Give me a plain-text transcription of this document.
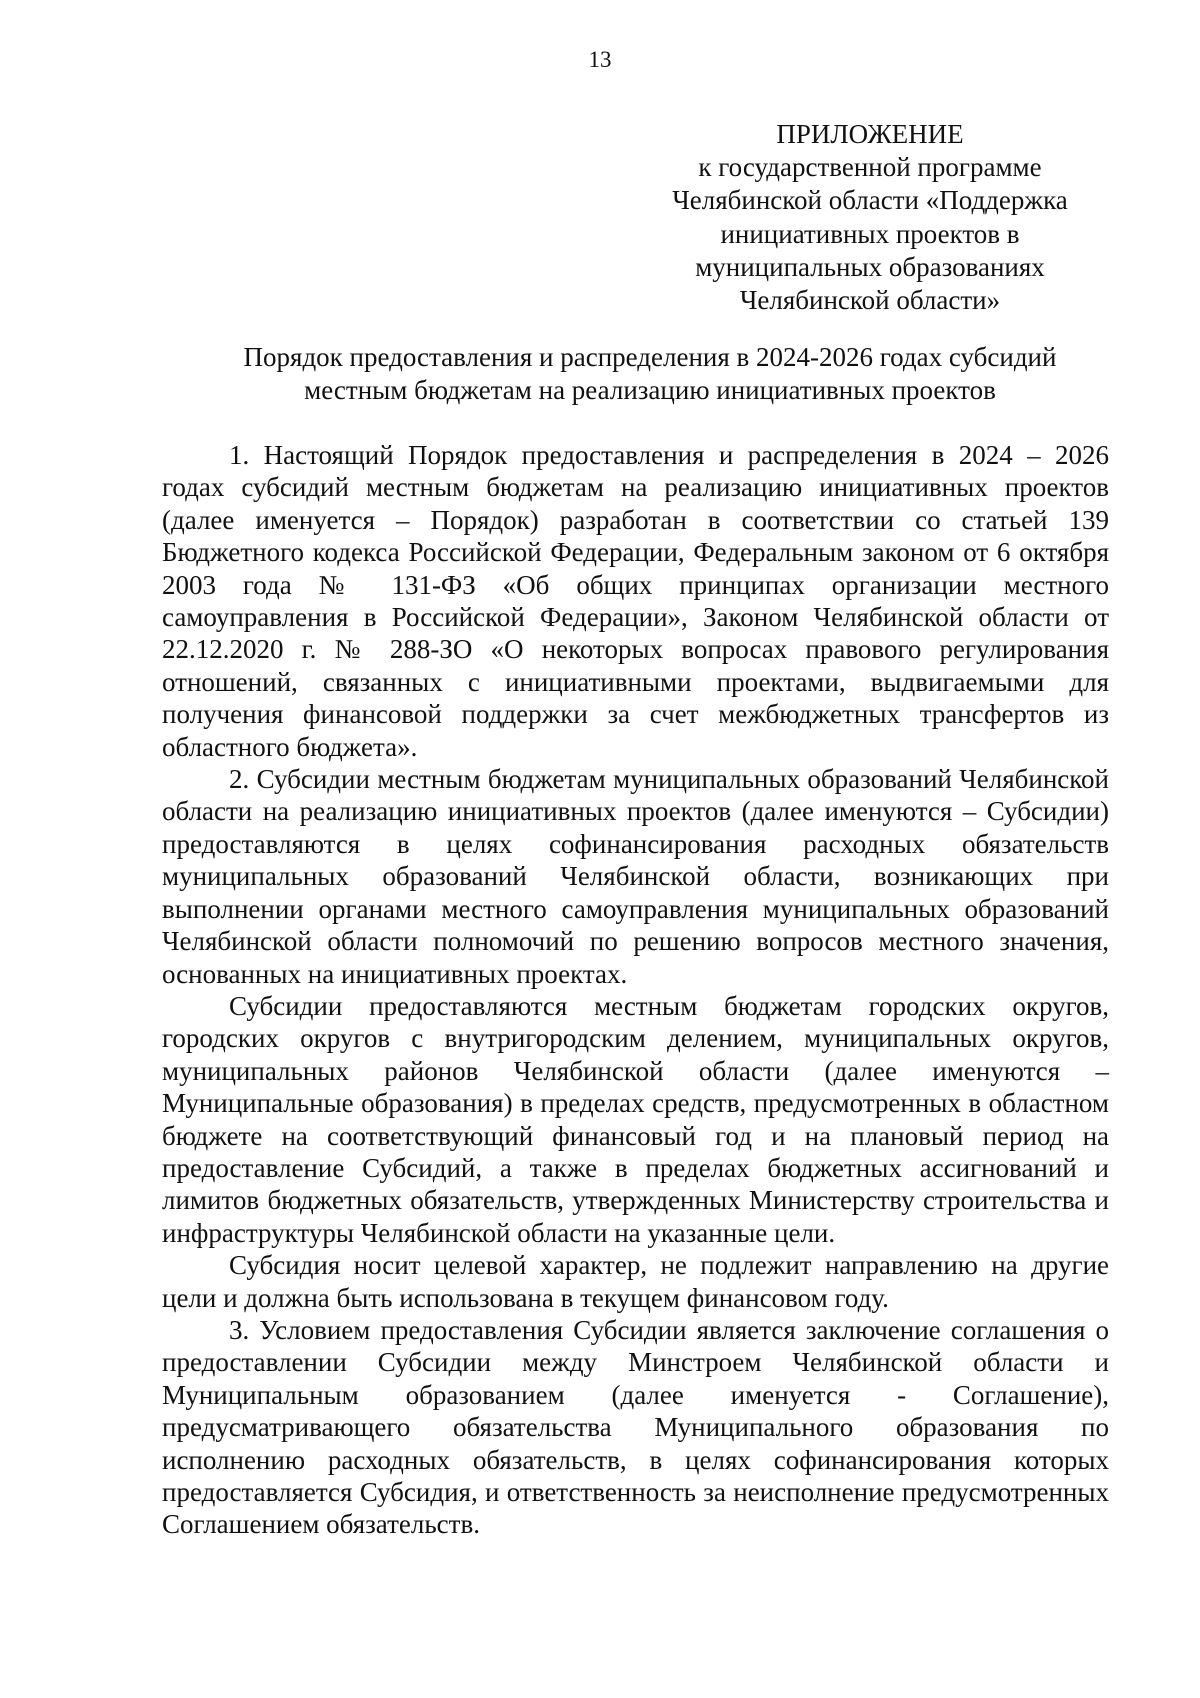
13
ПРИЛОЖЕНИЕ
к государственной программе Челябинской области «Поддержка инициативных проектов в муниципальных образованиях Челябинской области»
Порядок предоставления и распределения в 2024-2026 годах субсидий местным бюджетам на реализацию инициативных проектов

1. Настоящий Порядок предоставления и распределения в 2024 – 2026 годах субсидий местным бюджетам на реализацию инициативных проектов (далее именуется – Порядок) разработан в соответствии со статьей 139 Бюджетного кодекса Российской Федерации, Федеральным законом от 6 октября 2003 года № 131-ФЗ «Об общих принципах организации местного самоуправления в Российской Федерации», Законом Челябинской области от 22.12.2020 г. № 288-ЗО «О некоторых вопросах правового регулирования отношений, связанных с инициативными проектами, выдвигаемыми для получения финансовой поддержки за счет межбюджетных трансфертов из областного бюджета».

2. Субсидии местным бюджетам муниципальных образований Челябинской области на реализацию инициативных проектов (далее именуются – Субсидии) предоставляются в целях софинансирования расходных обязательств муниципальных образований Челябинской области, возникающих при выполнении органами местного самоуправления муниципальных образований Челябинской области полномочий по решению вопросов местного значения, основанных на инициативных проектах.

Субсидии предоставляются местным бюджетам городских округов, городских округов с внутригородским делением, муниципальных округов, муниципальных районов Челябинской области (далее именуются – Муниципальные образования) в пределах средств, предусмотренных в областном бюджете на соответствующий финансовый год и на плановый период на предоставление Субсидий, а также в пределах бюджетных ассигнований и лимитов бюджетных обязательств, утвержденных Министерству строительства и инфраструктуры Челябинской области на указанные цели.

Субсидия носит целевой характер, не подлежит направлению на другие цели и должна быть использована в текущем финансовом году.

3. Условием предоставления Субсидии является заключение соглашения о предоставлении Субсидии между Минстроем Челябинской области и Муниципальным образованием (далее именуется - Соглашение), предусматривающего обязательства Муниципального образования по исполнению расходных обязательств, в целях софинансирования которых предоставляется Субсидия, и ответственность за неисполнение предусмотренных Соглашением обязательств.
